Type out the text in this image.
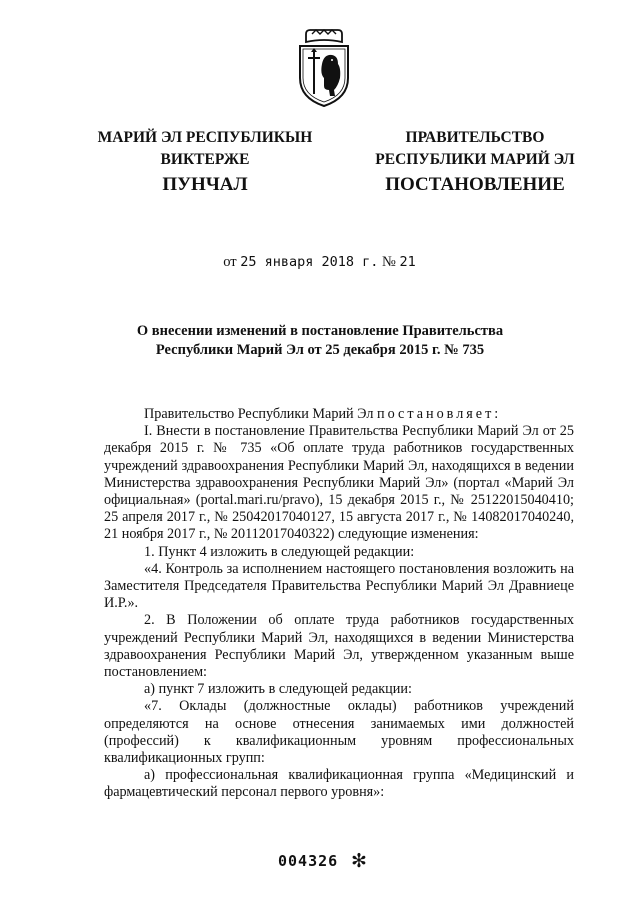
МАРИЙ ЭЛ РЕСПУБЛИКЫН
ВИКТЕРЖЕ
ПРАВИТЕЛЬСТВО
РЕСПУБЛИКИ МАРИЙ ЭЛ
ПУНЧАЛ	ПОСТАНОВЛЕНИЕ
от 25 января 2018 г. № 21
О внесении изменений в постановление Правительства
Республики Марий Эл от 25 декабря 2015 г. № 735

Правительство Республики Марий Эл постановляет:

I. Внести в постановление Правительства Республики Марий Эл от 25 декабря 2015 г. № 735 «Об оплате труда работников государственных учреждений здравоохранения Республики Марий Эл, находящихся в ведении Министерства здравоохранения Республики Марий Эл» (портал «Марий Эл официальная» (portal.mari.ru/pravo), 15 декабря 2015 г., № 25122015040410; 25 апреля 2017 г., № 25042017040127, 15 августа 2017 г., № 14082017040240, 21 ноября 2017 г., № 20112017040322) следующие изменения:

1. Пункт 4 изложить в следующей редакции:

«4. Контроль за исполнением настоящего постановления возложить на Заместителя Председателя Правительства Республики Марий Эл Дравниеце И.Р.».

2. В Положении об оплате труда работников государственных учреждений Республики Марий Эл, находящихся в ведении Министерства здравоохранения Республики Марий Эл, утвержденном указанным выше постановлением:

а) пункт 7 изложить в следующей редакции:

«7. Оклады (должностные оклады) работников учреждений определяются на основе отнесения занимаемых ими должностей (профессий) к квалификационным уровням профессиональных квалификационных групп:

а) профессиональная квалификационная группа «Медицинский и фармацевтический персонал первого уровня»:

004326 ✻
